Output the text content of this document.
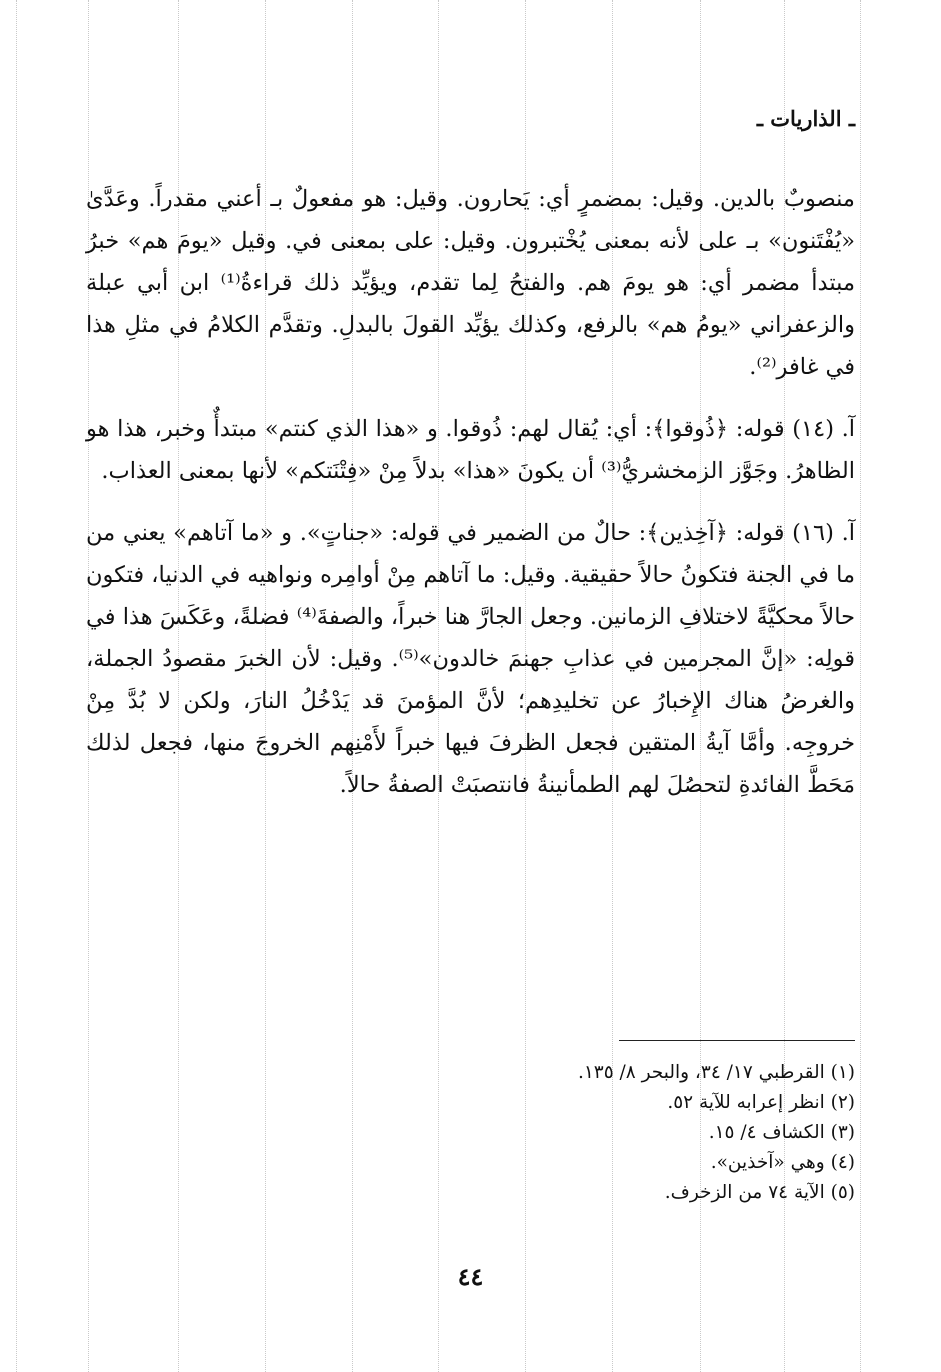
ـ الذاريات ـ

منصوبٌ بالدين. وقيل: بمضمرٍ أي: يَحارون. وقيل: هو مفعولٌ بـ أعني مقدراً. وعَدَّىٰ «يُفْتَنون» بـ على لأنه بمعنى يُخْتبرون. وقيل: على بمعنى في. وقيل «يومَ هم» خبرُ مبتدأ مضمر أي: هو يومَ هم. والفتحُ لِما تقدم، ويؤيِّد ذلك قراءةُ⁽¹⁾ ابن أبي عبلة والزعفراني «يومُ هم» بالرفع، وكذلك يؤيِّد القولَ بالبدلِ. وتقدَّم الكلامُ في مثلِ هذا في غافر⁽²⁾.

آ. (١٤) قوله: ﴿ذُوقوا﴾: أي: يُقال لهم: ذُوقوا. و «هذا الذي كنتم» مبتدأٌ وخبر، هذا هو الظاهرُ. وجَوَّز الزمخشريُّ⁽³⁾ أن يكونَ «هذا» بدلاً مِنْ «فِتْنَتكم» لأنها بمعنى العذاب.

آ. (١٦) قوله: ﴿آخِذين﴾: حالٌ من الضمير في قوله: «جناتٍ». و «ما آتاهم» يعني من ما في الجنة فتكونُ حالاً حقيقية. وقيل: ما آتاهم مِنْ أوامِره ونواهيه في الدنيا، فتكون حالاً محكيَّةً لاختلافِ الزمانين. وجعل الجارَّ هنا خبراً، والصفةَ⁽⁴⁾ فضلةً، وعَكَسَ هذا في قولِه: «إنَّ المجرمين في عذابِ جهنمَ خالدون»⁽⁵⁾. وقيل: لأن الخبرَ مقصودُ الجملة، والغرضُ هناك الإِخبارُ عن تخليدِهم؛ لأنَّ المؤمنَ قد يَدْخُلُ النارَ، ولكن لا بُدَّ مِنْ خروجِه. وأمَّا آيةُ المتقين فجعل الظرفَ فيها خبراً لأَمْنِهم الخروجَ منها، فجعل لذلك مَحَطَّ الفائدةِ لتحصُلَ لهم الطمأنينةُ فانتصبَتْ الصفةُ حالاً.

(١) القرطبي ١٧/ ٣٤، والبحر ٨/ ١٣٥.
(٢) انظر إعرابه للآية ٥٢.
(٣) الكشاف ٤/ ١٥.
(٤) وهي «آخذين».
(٥) الآية ٧٤ من الزخرف.
٤٤
